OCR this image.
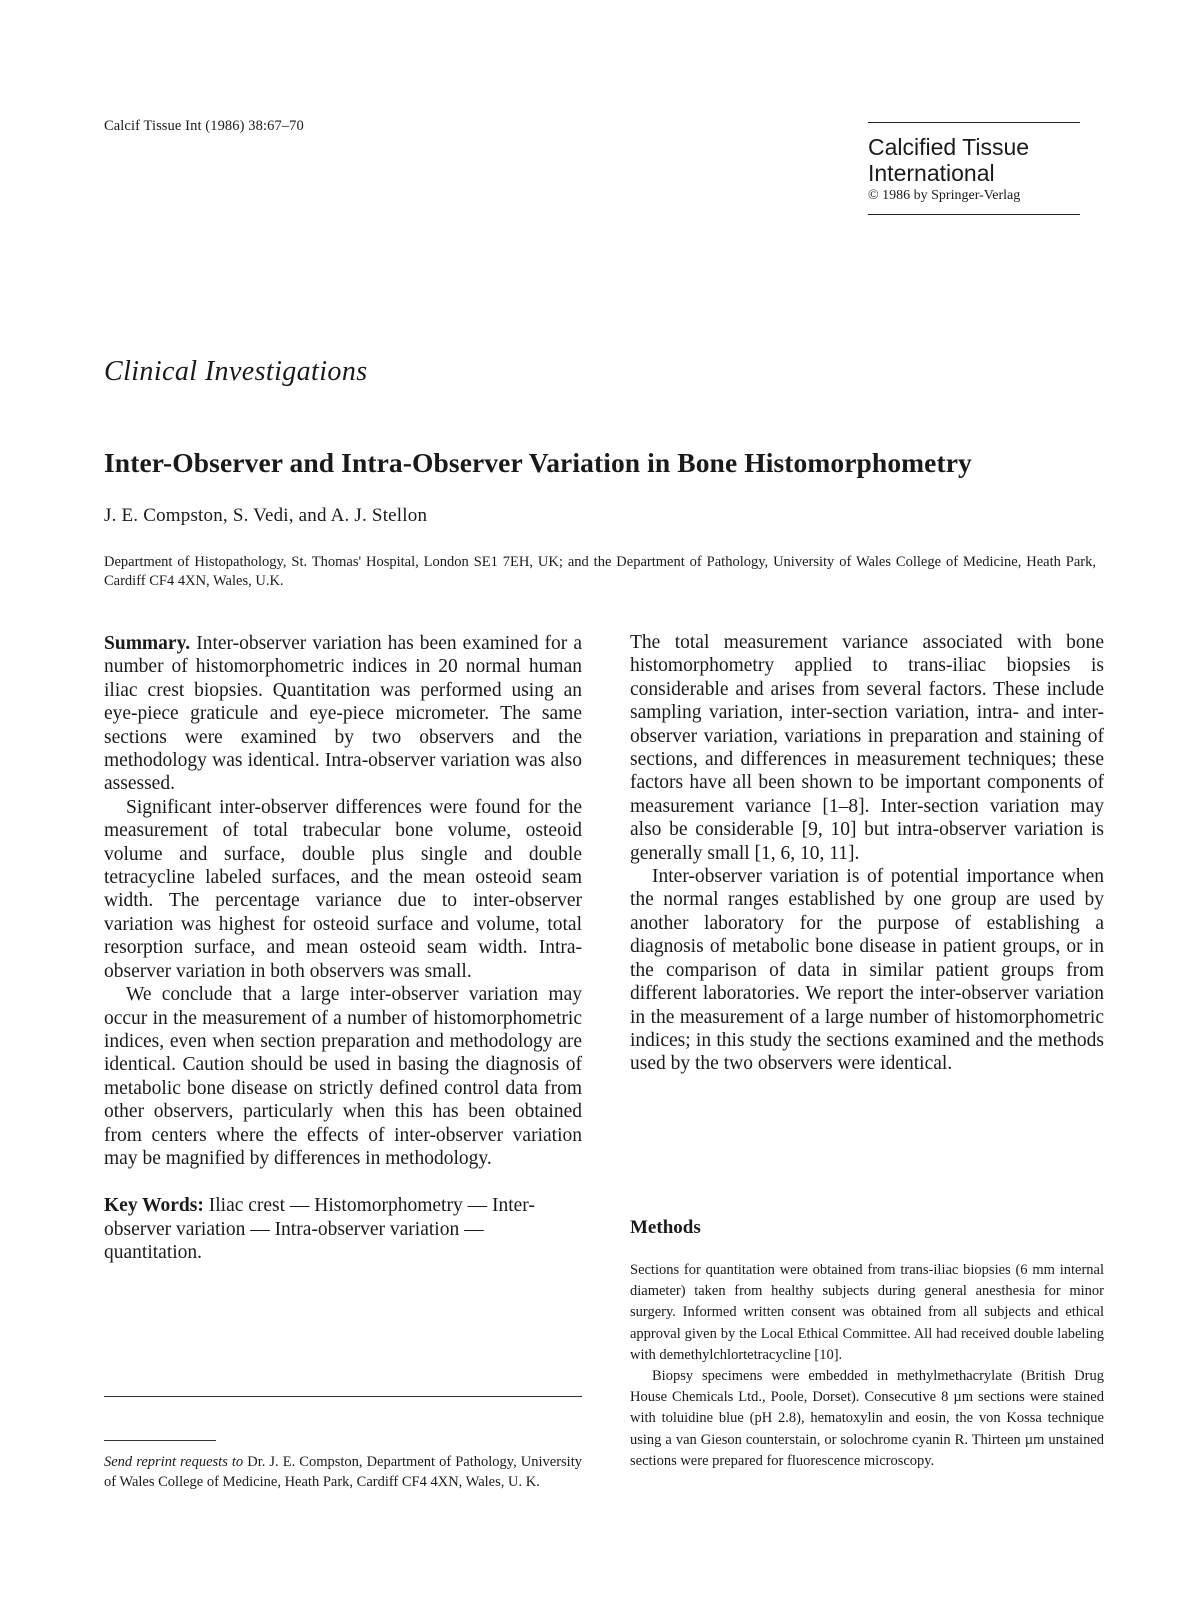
Calcif Tissue Int (1986) 38:67–70
Calcified Tissue International
© 1986 by Springer-Verlag
Clinical Investigations
Inter-Observer and Intra-Observer Variation in Bone Histomorphometry
J. E. Compston, S. Vedi, and A. J. Stellon
Department of Histopathology, St. Thomas' Hospital, London SE1 7EH, UK; and the Department of Pathology, University of Wales College of Medicine, Heath Park, Cardiff CF4 4XN, Wales, U.K.

Summary. Inter-observer variation has been examined for a number of histomorphometric indices in 20 normal human iliac crest biopsies. Quantitation was performed using an eye-piece graticule and eye-piece micrometer. The same sections were examined by two observers and the methodology was identical. Intra-observer variation was also assessed.

Significant inter-observer differences were found for the measurement of total trabecular bone volume, osteoid volume and surface, double plus single and double tetracycline labeled surfaces, and the mean osteoid seam width. The percentage variance due to inter-observer variation was highest for osteoid surface and volume, total resorption surface, and mean osteoid seam width. Intra-observer variation in both observers was small.

We conclude that a large inter-observer variation may occur in the measurement of a number of histomorphometric indices, even when section preparation and methodology are identical. Caution should be used in basing the diagnosis of metabolic bone disease on strictly defined control data from other observers, particularly when this has been obtained from centers where the effects of inter-observer variation may be magnified by differences in methodology.

Key Words: Iliac crest — Histomorphometry — Inter-observer variation — Intra-observer variation — quantitation.

Send reprint requests to Dr. J. E. Compston, Department of Pathology, University of Wales College of Medicine, Heath Park, Cardiff CF4 4XN, Wales, U. K.

The total measurement variance associated with bone histomorphometry applied to trans-iliac biopsies is considerable and arises from several factors. These include sampling variation, inter-section variation, intra- and inter-observer variation, variations in preparation and staining of sections, and differences in measurement techniques; these factors have all been shown to be important components of measurement variance [1–8]. Inter-section variation may also be considerable [9, 10] but intra-observer variation is generally small [1, 6, 10, 11].

Inter-observer variation is of potential importance when the normal ranges established by one group are used by another laboratory for the purpose of establishing a diagnosis of metabolic bone disease in patient groups, or in the comparison of data in similar patient groups from different laboratories. We report the inter-observer variation in the measurement of a large number of histomorphometric indices; in this study the sections examined and the methods used by the two observers were identical.

Methods

Sections for quantitation were obtained from trans-iliac biopsies (6 mm internal diameter) taken from healthy subjects during general anesthesia for minor surgery. Informed written consent was obtained from all subjects and ethical approval given by the Local Ethical Committee. All had received double labeling with demethylchlortetracycline [10].

Biopsy specimens were embedded in methylmethacrylate (British Drug House Chemicals Ltd., Poole, Dorset). Consecutive 8 µm sections were stained with toluidine blue (pH 2.8), hematoxylin and eosin, the von Kossa technique using a van Gieson counterstain, or solochrome cyanin R. Thirteen µm unstained sections were prepared for fluorescence microscopy.
